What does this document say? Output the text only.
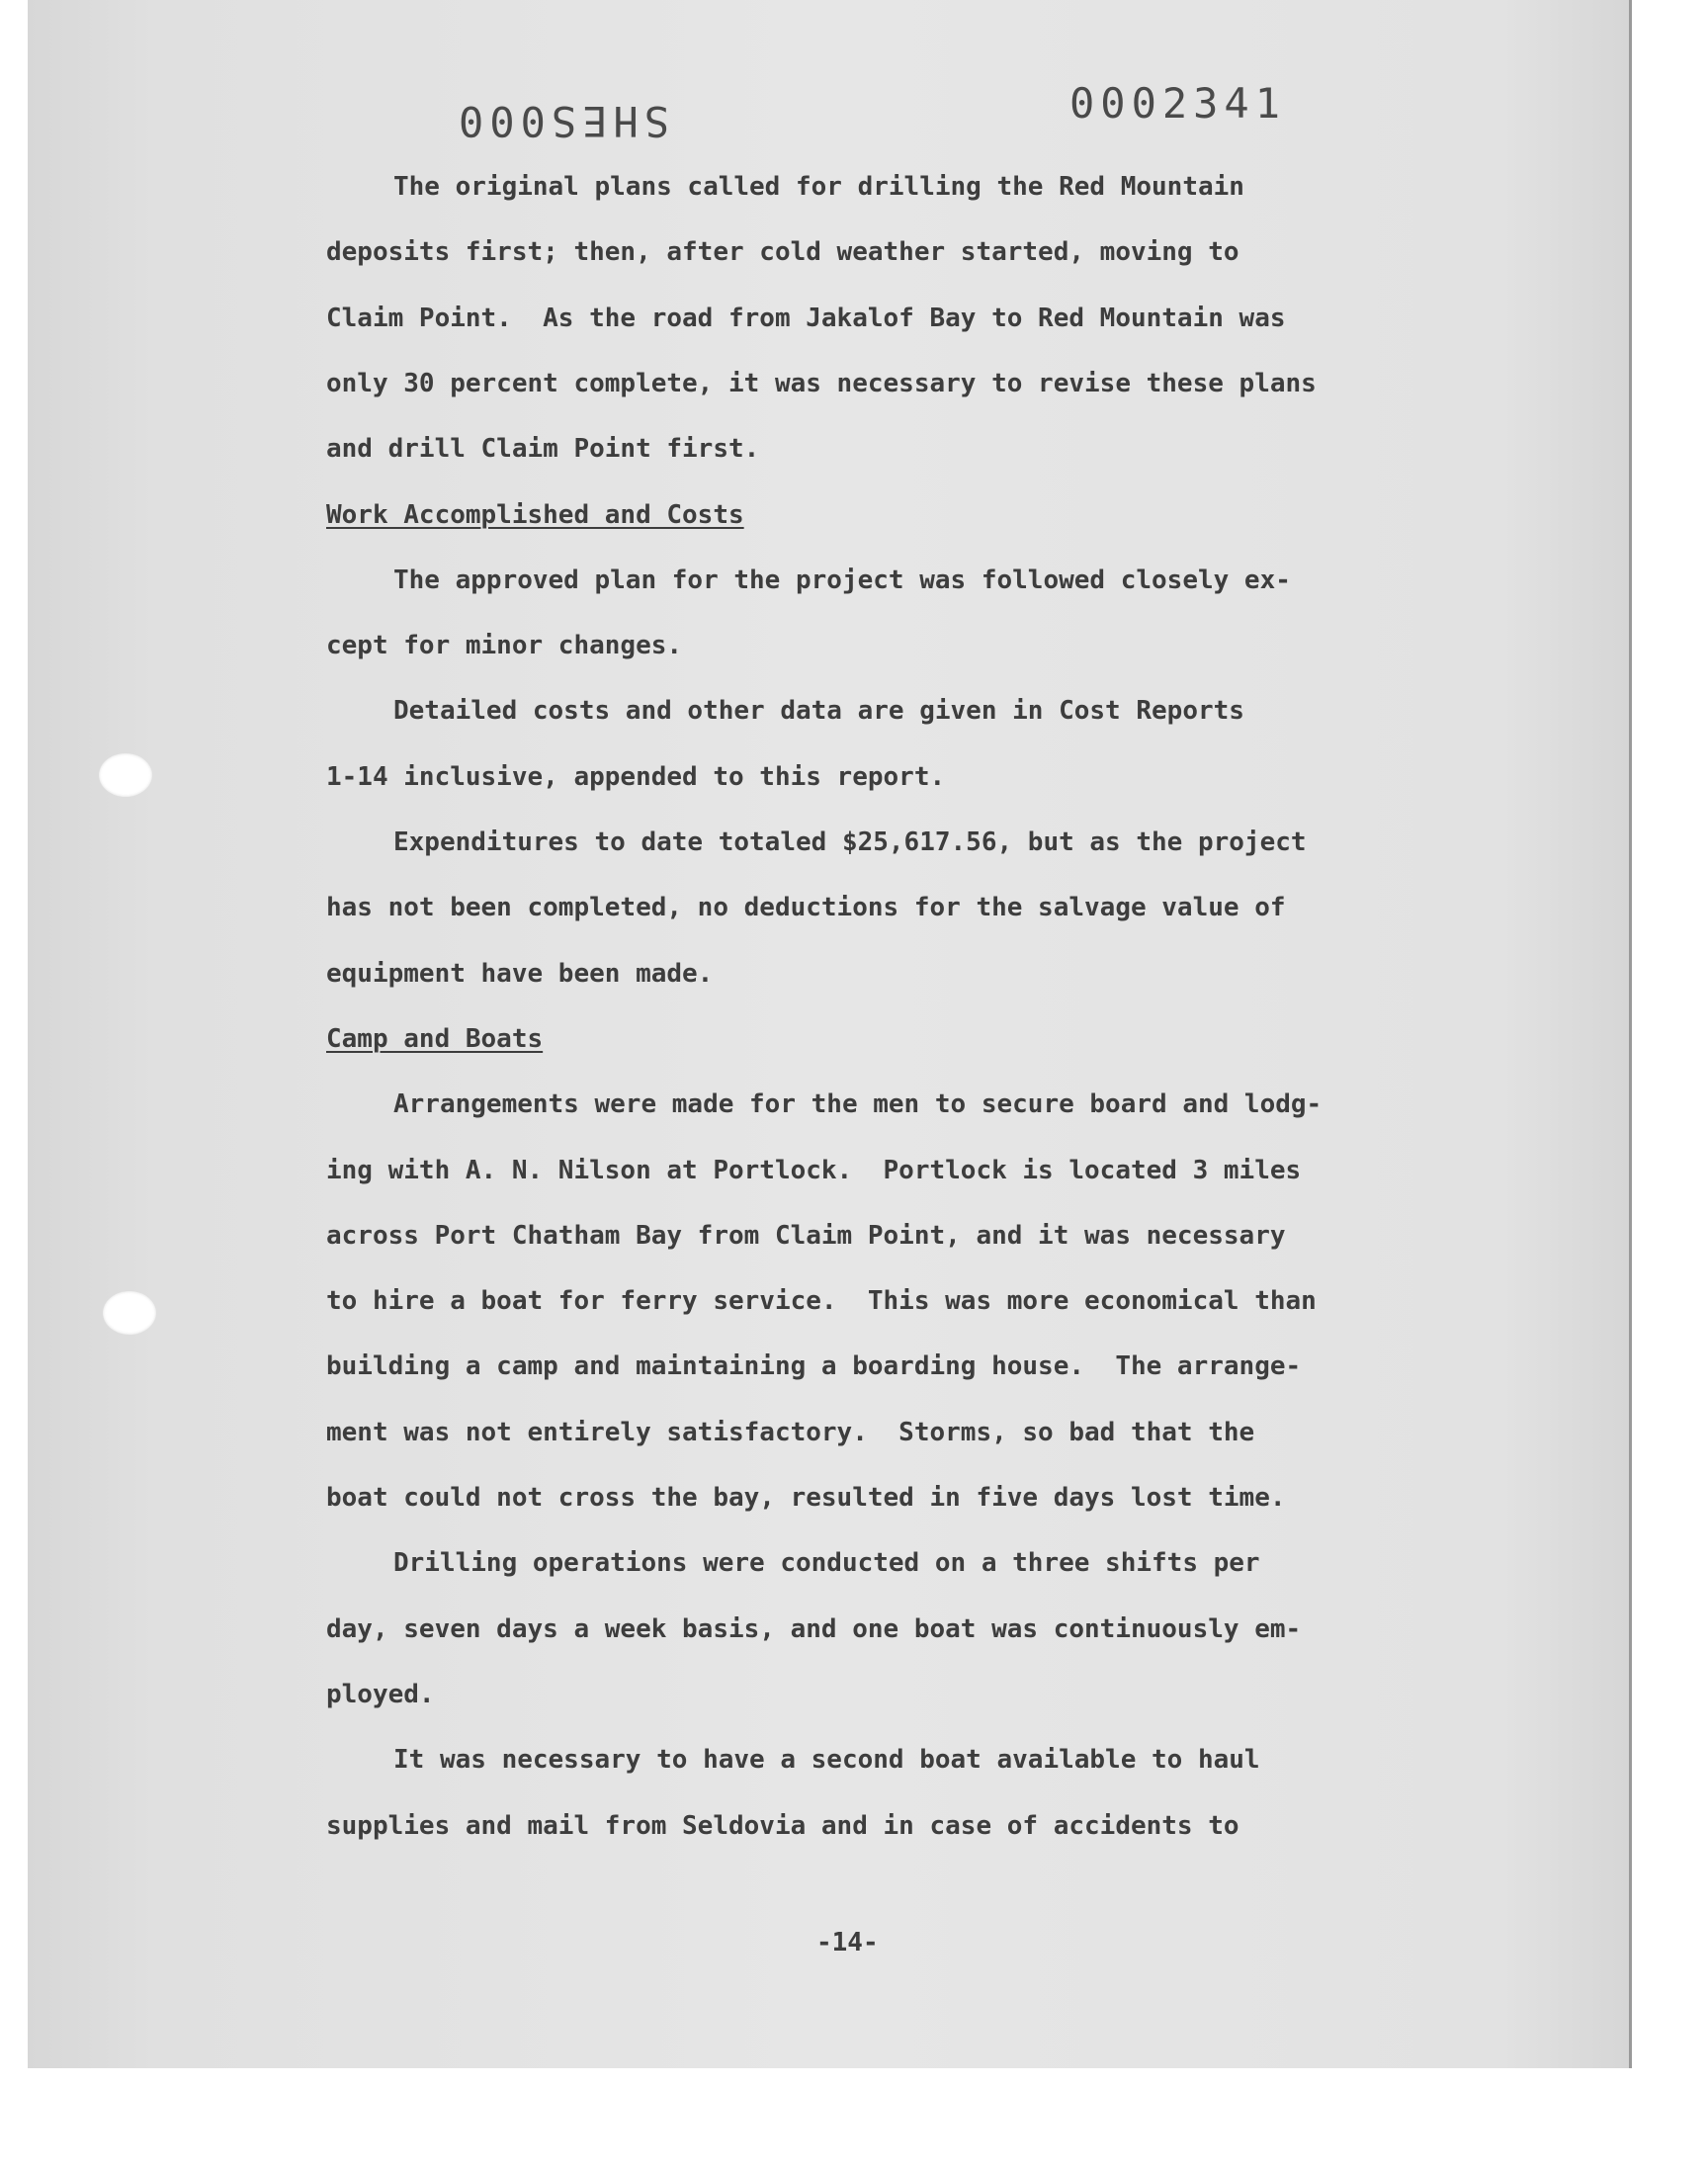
SHES000	0002341
The original plans called for drilling the Red Mountain
deposits first; then, after cold weather started, moving to
Claim Point.  As the road from Jakalof Bay to Red Mountain was
only 30 percent complete, it was necessary to revise these plans
and drill Claim Point first.
Work Accomplished and Costs
The approved plan for the project was followed closely ex-
cept for minor changes.
Detailed costs and other data are given in Cost Reports
1-14 inclusive, appended to this report.
Expenditures to date totaled $25,617.56, but as the project
has not been completed, no deductions for the salvage value of
equipment have been made.
Camp and Boats
Arrangements were made for the men to secure board and lodg-
ing with A. N. Nilson at Portlock.  Portlock is located 3 miles
across Port Chatham Bay from Claim Point, and it was necessary
to hire a boat for ferry service.  This was more economical than
building a camp and maintaining a boarding house.  The arrange-
ment was not entirely satisfactory.  Storms, so bad that the
boat could not cross the bay, resulted in five days lost time.
Drilling operations were conducted on a three shifts per
day, seven days a week basis, and one boat was continuously em-
ployed.
It was necessary to have a second boat available to haul
supplies and mail from Seldovia and in case of accidents to
-14-
